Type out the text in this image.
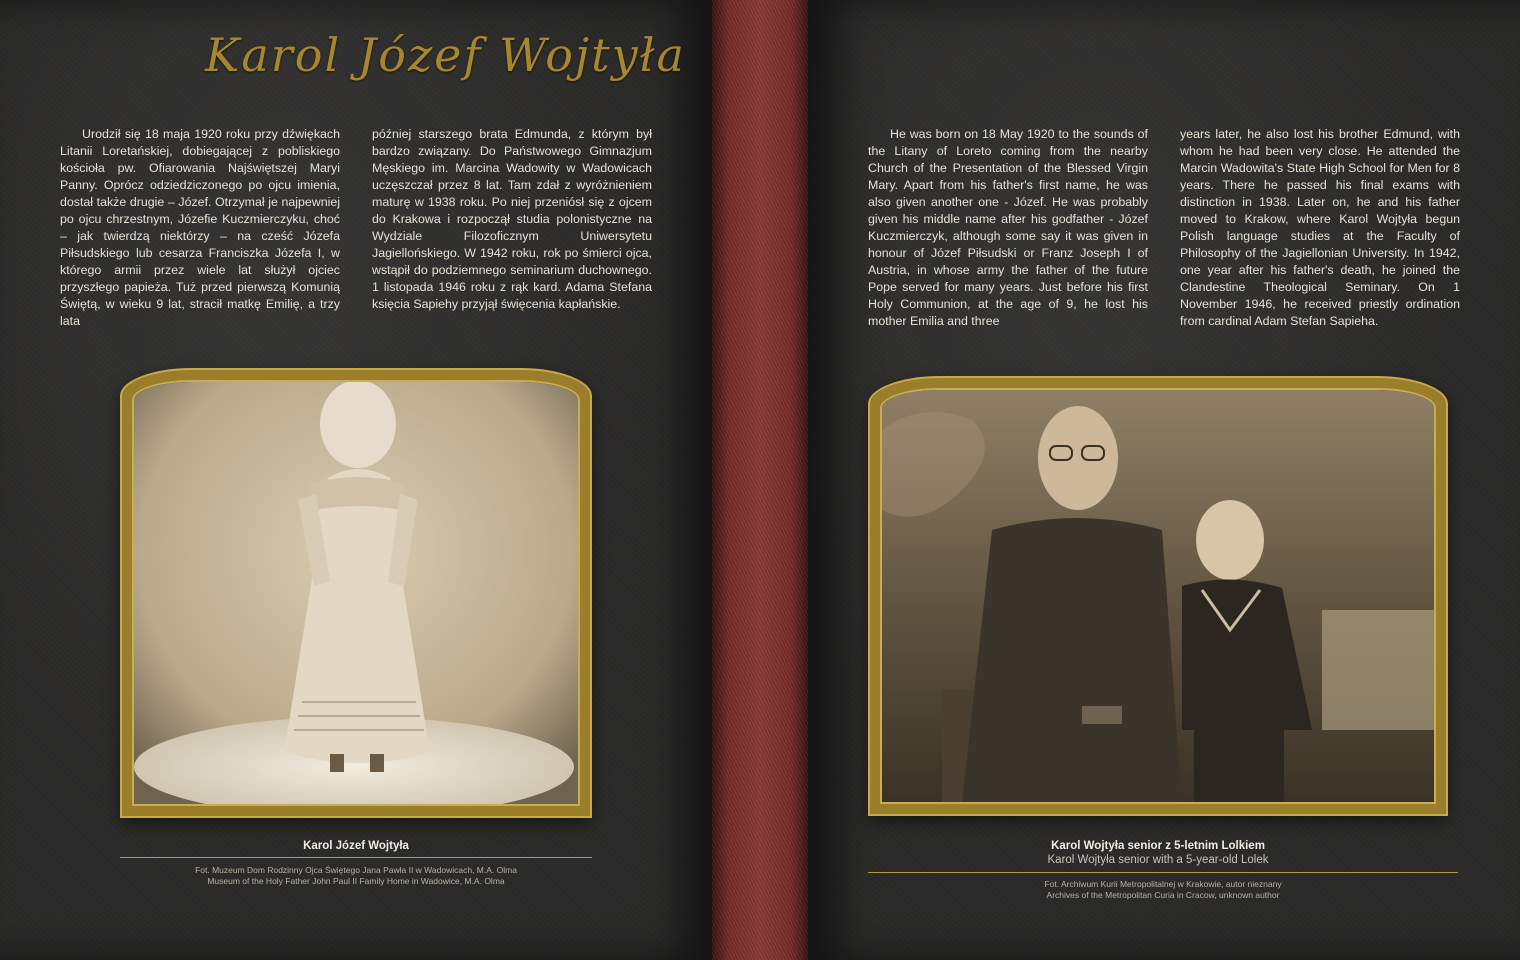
Karol Józef Wojtyła

Urodził się 18 maja 1920 roku przy dźwiękach Litanii Loretańskiej, dobiegającej z pobliskiego kościoła pw. Ofiarowania Najświętszej Maryi Panny. Oprócz odziedziczonego po ojcu imienia, dostał także drugie – Józef. Otrzymał je najpewniej po ojcu chrzestnym, Józefie Kuczmierczyku, choć – jak twierdzą niektórzy – na cześć Józefa Piłsudskiego lub cesarza Franciszka Józefa I, w którego armii przez wiele lat służył ojciec przyszłego papieża. Tuż przed pierwszą Komunią Świętą, w wieku 9 lat, stracił matkę Emilię, a trzy lata

później starszego brata Edmunda, z którym był bardzo związany. Do Państwowego Gimnazjum Męskiego im. Marcina Wadowity w Wadowicach uczęszczał przez 8 lat. Tam zdał z wyróżnieniem maturę w 1938 roku. Po niej przeniósł się z ojcem do Krakowa i rozpoczął studia polonistyczne na Wydziale Filozoficznym Uniwersytetu Jagiellońskiego. W 1942 roku, rok po śmierci ojca, wstąpił do podziemnego seminarium duchownego. 1 listopada 1946 roku z rąk kard. Adama Stefana księcia Sapiehy przyjął święcenia kapłańskie.

Karol Józef Wojtyła

Fot. Muzeum Dom Rodzinny Ojca Świętego Jana Pawła II w Wadowicach, M.A. Olma

Museum of the Holy Father John Paul II Family Home in Wadowice, M.A. Olma

He was born on 18 May 1920 to the sounds of the Litany of Loreto coming from the nearby Church of the Presentation of the Blessed Virgin Mary. Apart from his father's first name, he was also given another one - Józef. He was probably given his middle name after his godfather - Józef Kuczmierczyk, although some say it was given in honour of Józef Piłsudski or Franz Joseph I of Austria, in whose army the father of the future Pope served for many years. Just before his first Holy Communion, at the age of 9, he lost his mother Emilia and three

years later, he also lost his brother Edmund, with whom he had been very close. He attended the Marcin Wadowita's State High School for Men for 8 years. There he passed his final exams with distinction in 1938. Later on, he and his father moved to Krakow, where Karol Wojtyła begun Polish language studies at the Faculty of Philosophy of the Jagiellonian University. In 1942, one year after his father's death, he joined the Clandestine Theological Seminary. On 1 November 1946, he received priestly ordination from cardinal Adam Stefan Sapieha.

Karol Wojtyła senior z 5-letnim Lolkiem

Karol Wojtyła senior with a 5-year-old Lolek

Fot. Archiwum Kurii Metropolitalnej w Krakowie, autor nieznany

Archives of the Metropolitan Curia in Cracow, unknown author
